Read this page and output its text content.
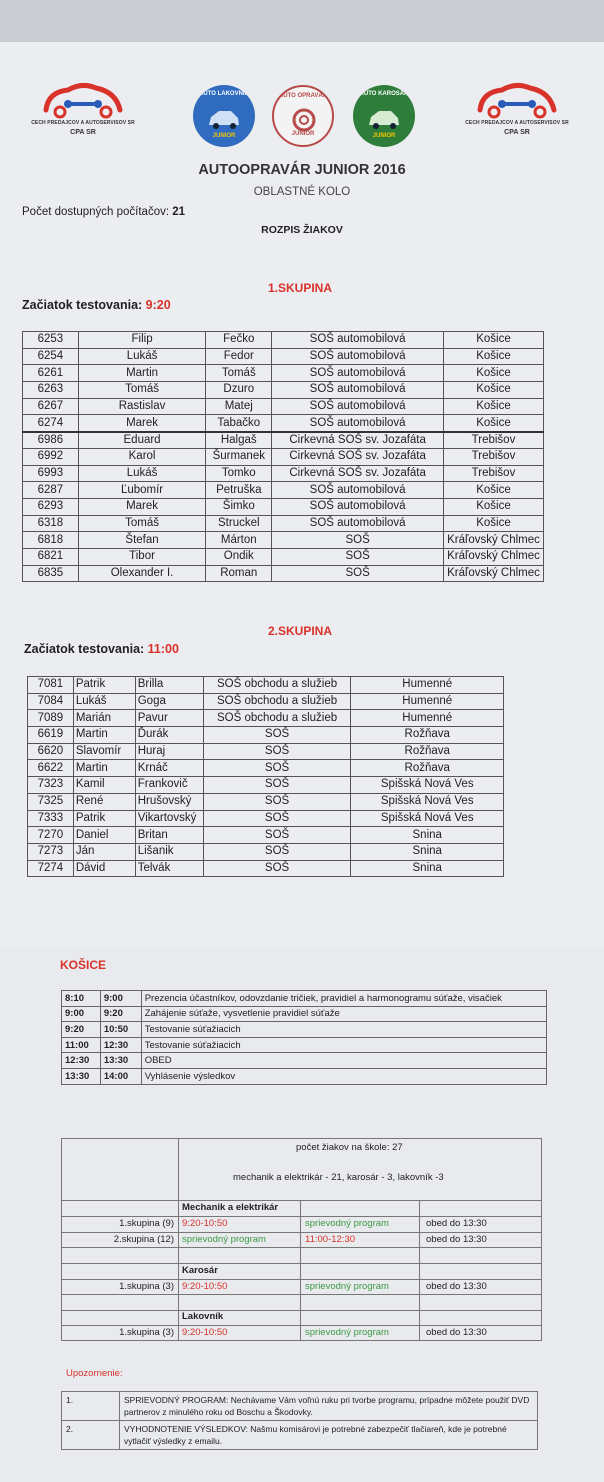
CECH PREDAJCOV A AUTOSERVISOV SR
CPA SR
AUTO LAKOVNÍK
JUNIOR
AUTO OPRAVÁR
JUNIOR
AUTO KAROSÁR
JUNIOR
CECH PREDAJCOV A AUTOSERVISOV SR
CPA SR
AUTOOPRAVÁR JUNIOR 2016
OBLASTNÉ KOLO
Počet dostupných počítačov: 21
ROZPIS ŽIAKOV
1.SKUPINA
Začiatok testovania: 9:20
6253	Filip	Fečko	SOŠ automobilová	Košice
6254	Lukáš	Fedor	SOŠ automobilová	Košice
6261	Martin	Tomáš	SOŠ automobilová	Košice
6263	Tomáš	Dzuro	SOŠ automobilová	Košice
6267	Rastislav	Matej	SOŠ automobilová	Košice
6274	Marek	Tabačko	SOŠ automobilová	Košice
6986	Eduard	Halgaš	Cirkevná SOŠ sv. Jozafáta	Trebišov
6992	Karol	Šurmanek	Cirkevná SOŠ sv. Jozafáta	Trebišov
6993	Lukáš	Tomko	Cirkevná SOŠ sv. Jozafáta	Trebišov
6287	Ľubomír	Petruška	SOŠ automobilová	Košice
6293	Marek	Šimko	SOŠ automobilová	Košice
6318	Tomáš	Struckel	SOŠ automobilová	Košice
6818	Štefan	Márton	SOŠ	Kráľovský Chlmec
6821	Tibor	Ondik	SOŠ	Kráľovský Chlmec
6835	Olexander I.	Roman	SOŠ	Kráľovský Chlmec
2.SKUPINA
Začiatok testovania: 11:00
7081	Patrik	Brilla	SOŠ obchodu a služieb	Humenné
7084	Lukáš	Goga	SOŠ obchodu a služieb	Humenné
7089	Marián	Pavur	SOŠ obchodu a služieb	Humenné
6619	Martin	Ďurák	SOŠ	Rožňava
6620	Slavomír	Huraj	SOŠ	Rožňava
6622	Martin	Krnáč	SOŠ	Rožňava
7323	Kamil	Frankovič	SOŠ	Spišská Nová Ves
7325	René	Hrušovský	SOŠ	Spišská Nová Ves
7333	Patrik	Vikartovský	SOŠ	Spišská Nová Ves
7270	Daniel	Britan	SOŠ	Snina
7273	Ján	Lišanik	SOŠ	Snina
7274	Dávid	Telvák	SOŠ	Snina
KOŠICE
8:10	9:00	Prezencia účastníkov, odovzdanie tričiek, pravidiel a harmonogramu súťaže, visačiek
9:00	9:20	Zahájenie súťaže, vysvetlenie pravidiel súťaže
9:20	10:50	Testovanie súťažiacich
11:00	12:30	Testovanie súťažiacich
12:30	13:30	OBED
13:30	14:00	Vyhlásenie výsledkov
počet žiakov na škole: 27
mechanik a elektrikár - 21, karosár - 3, lakovník -3
Mechanik a elektrikár
1.skupina (9) 9:20-10:50	sprievodný program	obed do 13:30
2.skupina (12) sprievodný program	11:00-12:30	obed do 13:30
Karosár
1.skupina (3) 9:20-10:50	sprievodný program	obed do 13:30
Lakovník
1.skupina (3) 9:20-10:50	sprievodný program	obed do 13:30
Upozornenie:
1.	SPRIEVODNÝ PROGRAM: Nechávame Vám voľnú ruku pri tvorbe programu, prípadne môžete použiť DVD partnerov z minulého roku od Boschu a Škodovky.
2.	VYHODNOTENIE VÝSLEDKOV: Našmu komisárovi je potrebné zabezpečiť tlačiareň, kde je potrebné vytlačiť výsledky z emailu.
